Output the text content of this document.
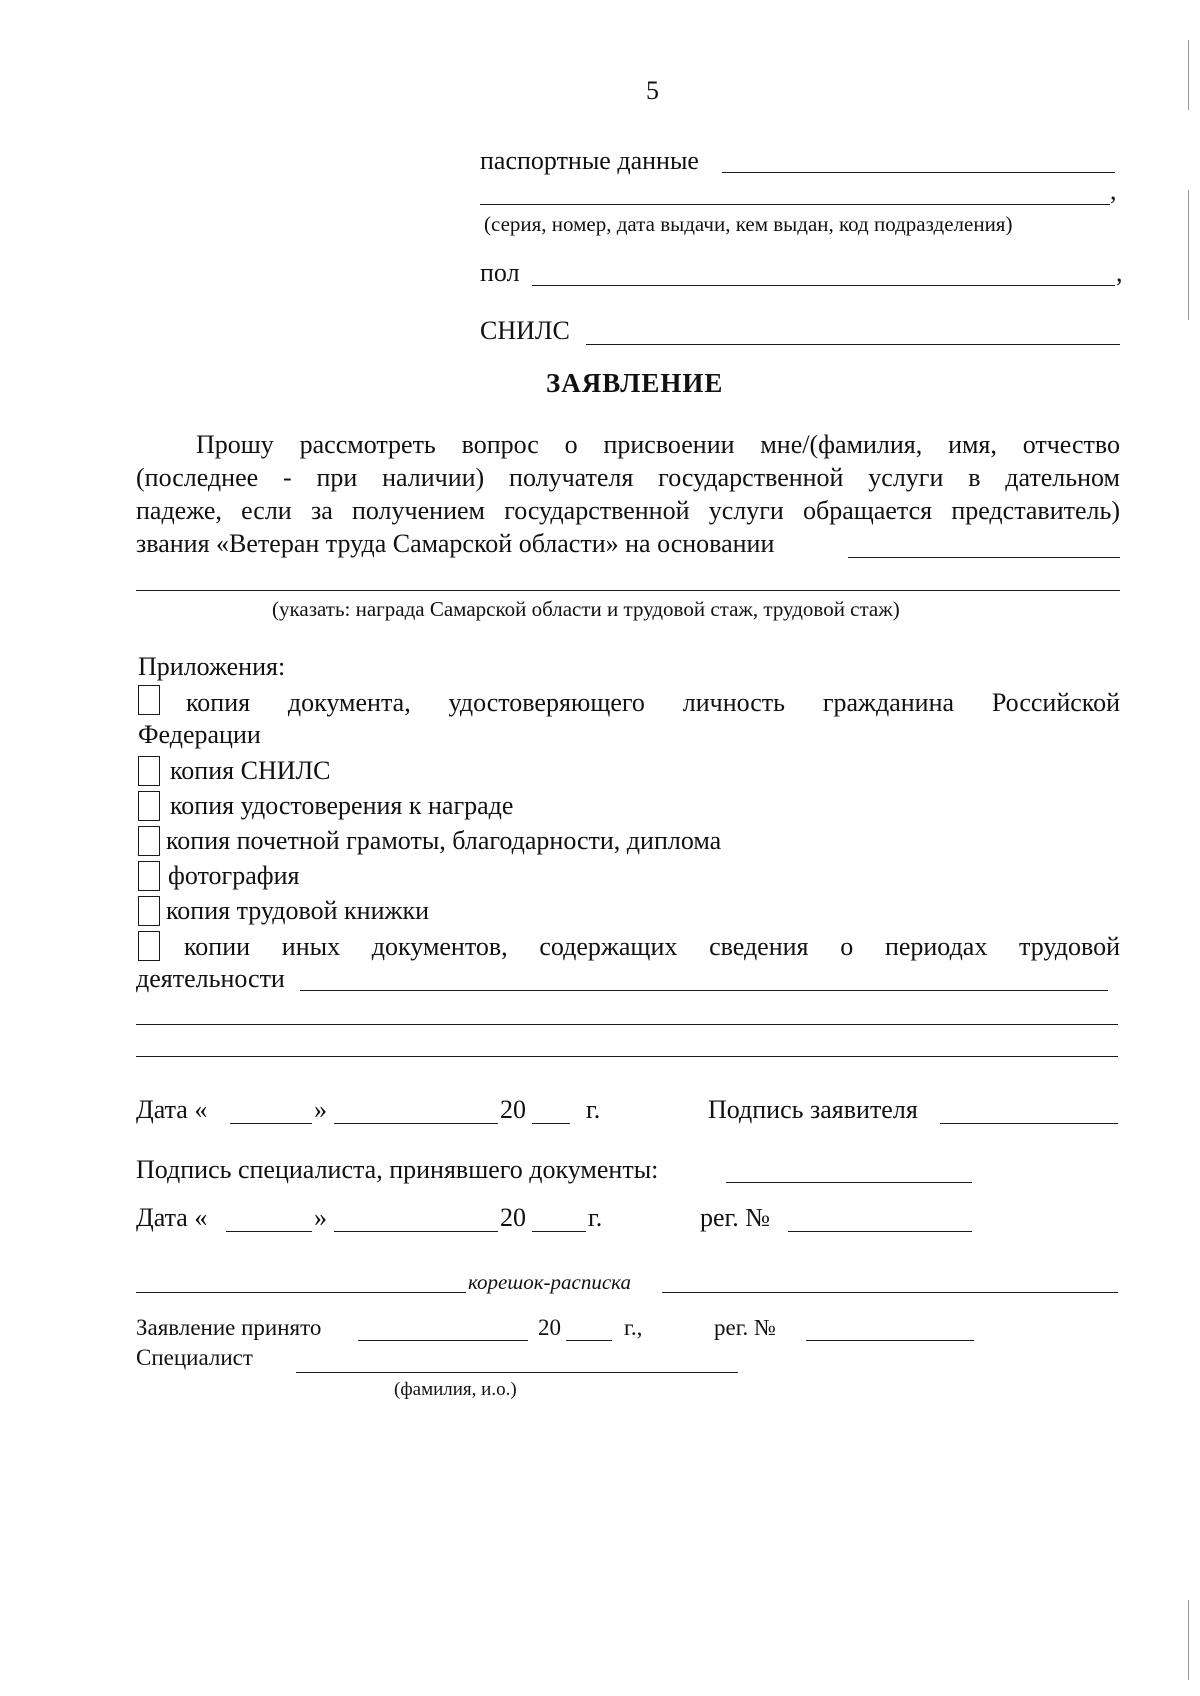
5
паспортные данные
,
(серия, номер, дата выдачи, кем выдан, код подразделения)
пол	,
СНИЛС
ЗАЯВЛЕНИЕ
Прошу рассмотреть вопрос о присвоении мне/(фамилия, имя, отчество
(последнее - при наличии) получателя государственной услуги в дательном
падеже, если за получением государственной услуги обращается представитель)
звания «Ветеран труда Самарской области» на основании
(указать: награда Самарской области и трудовой стаж, трудовой стаж)
Приложения:
копия документа, удостоверяющего личность гражданина Российской
Федерации
копия СНИЛС
копия удостоверения к награде
копия почетной грамоты, благодарности, диплома
фотография
копия трудовой книжки
копии иных документов, содержащих сведения о периодах трудовой
деятельности
Дата «	»	20 г.	Подпись заявителя
Подпись специалиста, принявшего документы:
Дата «	»	20 г.	рег. №
корешок-расписка
Заявление принято	20	г.,	рег. №
Специалист
(фамилия, и.о.)
